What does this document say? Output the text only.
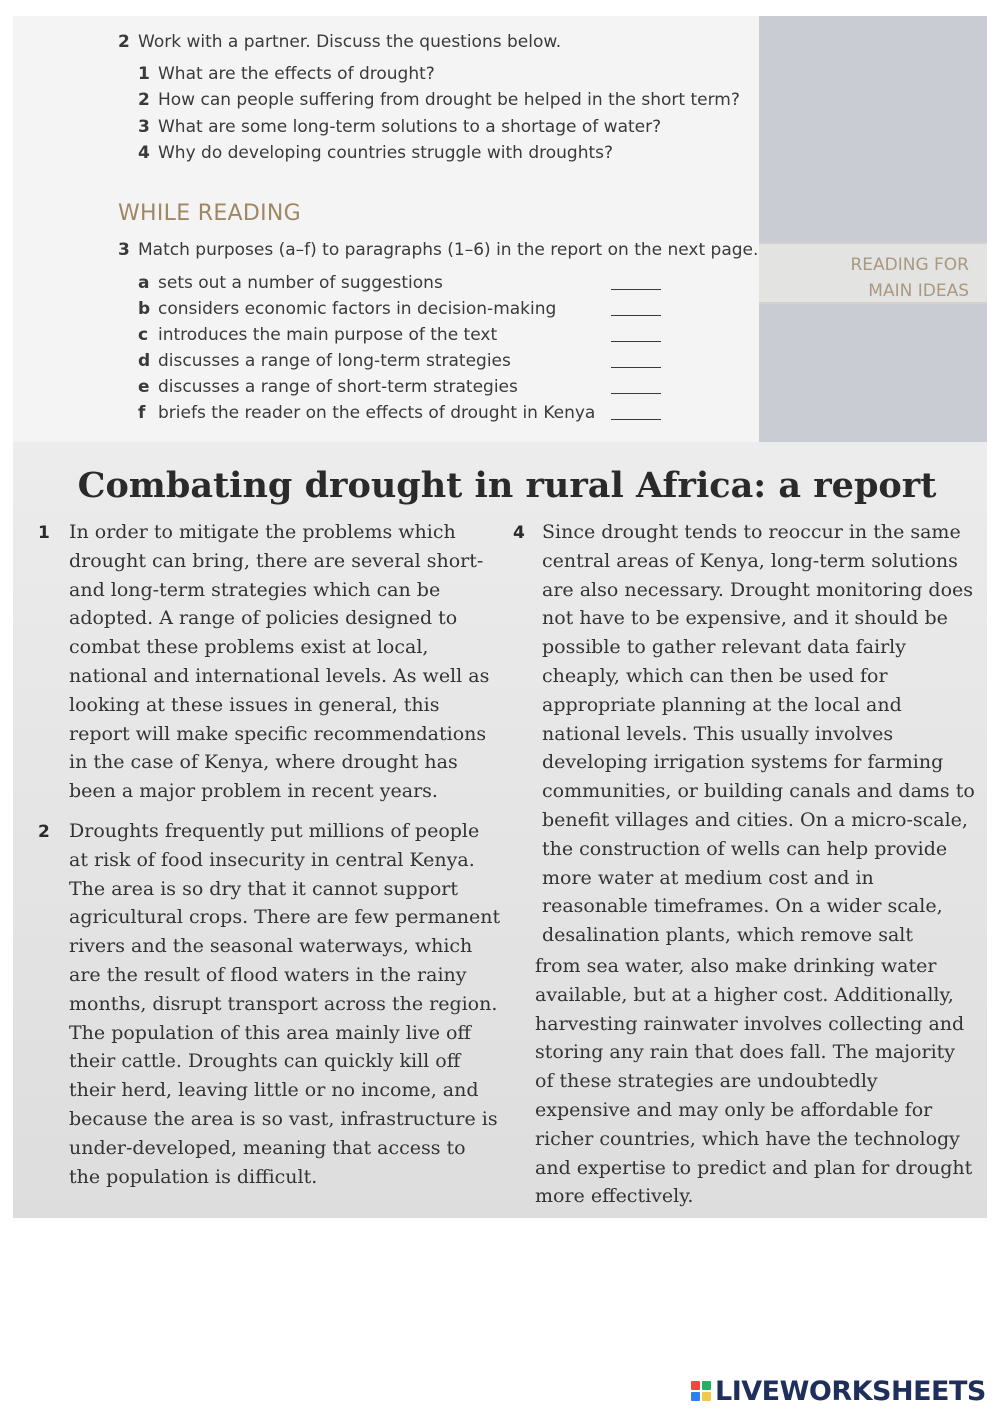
READING FOR
MAIN IDEAS
2 Work with a partner. Discuss the questions below.
1 What are the effects of drought?
2 How can people suffering from drought be helped in the short term?
3 What are some long-term solutions to a shortage of water?
4 Why do developing countries struggle with droughts?
WHILE READING
3 Match purposes (a–f) to paragraphs (1–6) in the report on the next page.
a sets out a number of suggestions
b considers economic factors in decision-making
c introduces the main purpose of the text
d discusses a range of long-term strategies
e discusses a range of short-term strategies
f briefs the reader on the effects of drought in Kenya
Combating drought in rural Africa: a report
1 In order to mitigate the problems which drought can bring, there are several short- and long-term strategies which can be adopted. A range of policies designed to combat these problems exist at local, national and international levels. As well as looking at these issues in general, this report will make specific recommendations in the case of Kenya, where drought has been a major problem in recent years.

2 Droughts frequently put millions of people at risk of food insecurity in central Kenya. The area is so dry that it cannot support agricultural crops. There are few permanent rivers and the seasonal waterways, which are the result of flood waters in the rainy months, disrupt transport across the region. The population of this area mainly live off their cattle. Droughts can quickly kill off their herd, leaving little or no income, and because the area is so vast, infrastructure is under-developed, meaning that access to the population is difficult.

4 Since drought tends to reoccur in the same central areas of Kenya, long-term solutions are also necessary. Drought monitoring does not have to be expensive, and it should be possible to gather relevant data fairly cheaply, which can then be used for appropriate planning at the local and national levels. This usually involves developing irrigation systems for farming communities, or building canals and dams to benefit villages and cities. On a micro-scale, the construction of wells can help provide more water at medium cost and in reasonable timeframes. On a wider scale, desalination plants, which remove salt

from sea water, also make drinking water available, but at a higher cost. Additionally, harvesting rainwater involves collecting and storing any rain that does fall. The majority of these strategies are undoubtedly expensive and may only be affordable for richer countries, which have the technology and expertise to predict and plan for drought more effectively.

LIVEWORKSHEETS
